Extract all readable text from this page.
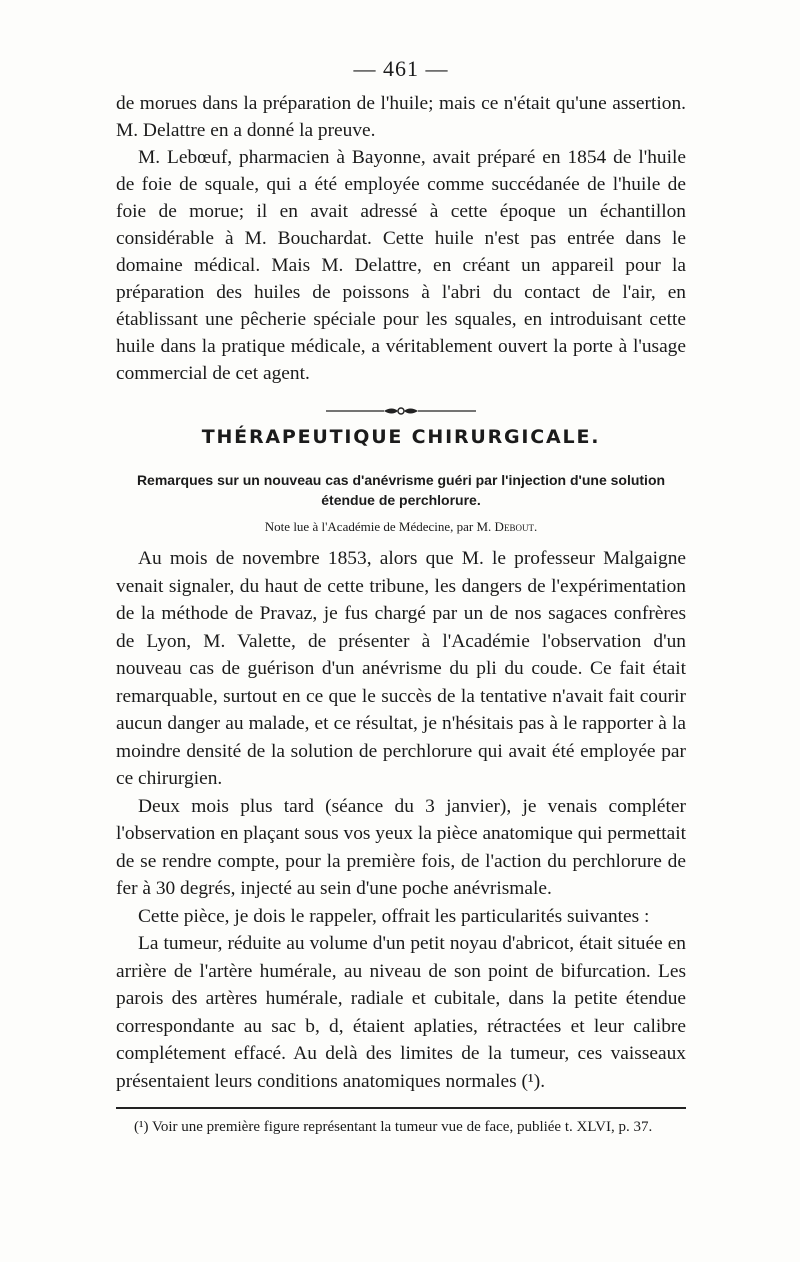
— 461 —

de morues dans la préparation de l'huile; mais ce n'était qu'une assertion. M. Delattre en a donné la preuve.

M. Lebœuf, pharmacien à Bayonne, avait préparé en 1854 de l'huile de foie de squale, qui a été employée comme succédanée de l'huile de foie de morue; il en avait adressé à cette époque un échantillon considérable à M. Bouchardat. Cette huile n'est pas entrée dans le domaine médical. Mais M. Delattre, en créant un appareil pour la préparation des huiles de poissons à l'abri du contact de l'air, en établissant une pêcherie spéciale pour les squales, en introduisant cette huile dans la pratique médicale, a véritablement ouvert la porte à l'usage commercial de cet agent.

THÉRAPEUTIQUE CHIRURGICALE.
Remarques sur un nouveau cas d'anévrisme guéri par l'injection d'une solution étendue de perchlorure.
Note lue à l'Académie de Médecine, par M. Debout.

Au mois de novembre 1853, alors que M. le professeur Malgaigne venait signaler, du haut de cette tribune, les dangers de l'expérimentation de la méthode de Pravaz, je fus chargé par un de nos sagaces confrères de Lyon, M. Valette, de présenter à l'Académie l'observation d'un nouveau cas de guérison d'un anévrisme du pli du coude. Ce fait était remarquable, surtout en ce que le succès de la tentative n'avait fait courir aucun danger au malade, et ce résultat, je n'hésitais pas à le rapporter à la moindre densité de la solution de perchlorure qui avait été employée par ce chirurgien.

Deux mois plus tard (séance du 3 janvier), je venais compléter l'observation en plaçant sous vos yeux la pièce anatomique qui permettait de se rendre compte, pour la première fois, de l'action du perchlorure de fer à 30 degrés, injecté au sein d'une poche anévrismale.

Cette pièce, je dois le rappeler, offrait les particularités suivantes :

La tumeur, réduite au volume d'un petit noyau d'abricot, était située en arrière de l'artère humérale, au niveau de son point de bifurcation. Les parois des artères humérale, radiale et cubitale, dans la petite étendue correspondante au sac b, d, étaient aplaties, rétractées et leur calibre complétement effacé. Au delà des limites de la tumeur, ces vaisseaux présentaient leurs conditions anatomiques normales (¹).

(¹) Voir une première figure représentant la tumeur vue de face, publiée t. XLVI, p. 37.
